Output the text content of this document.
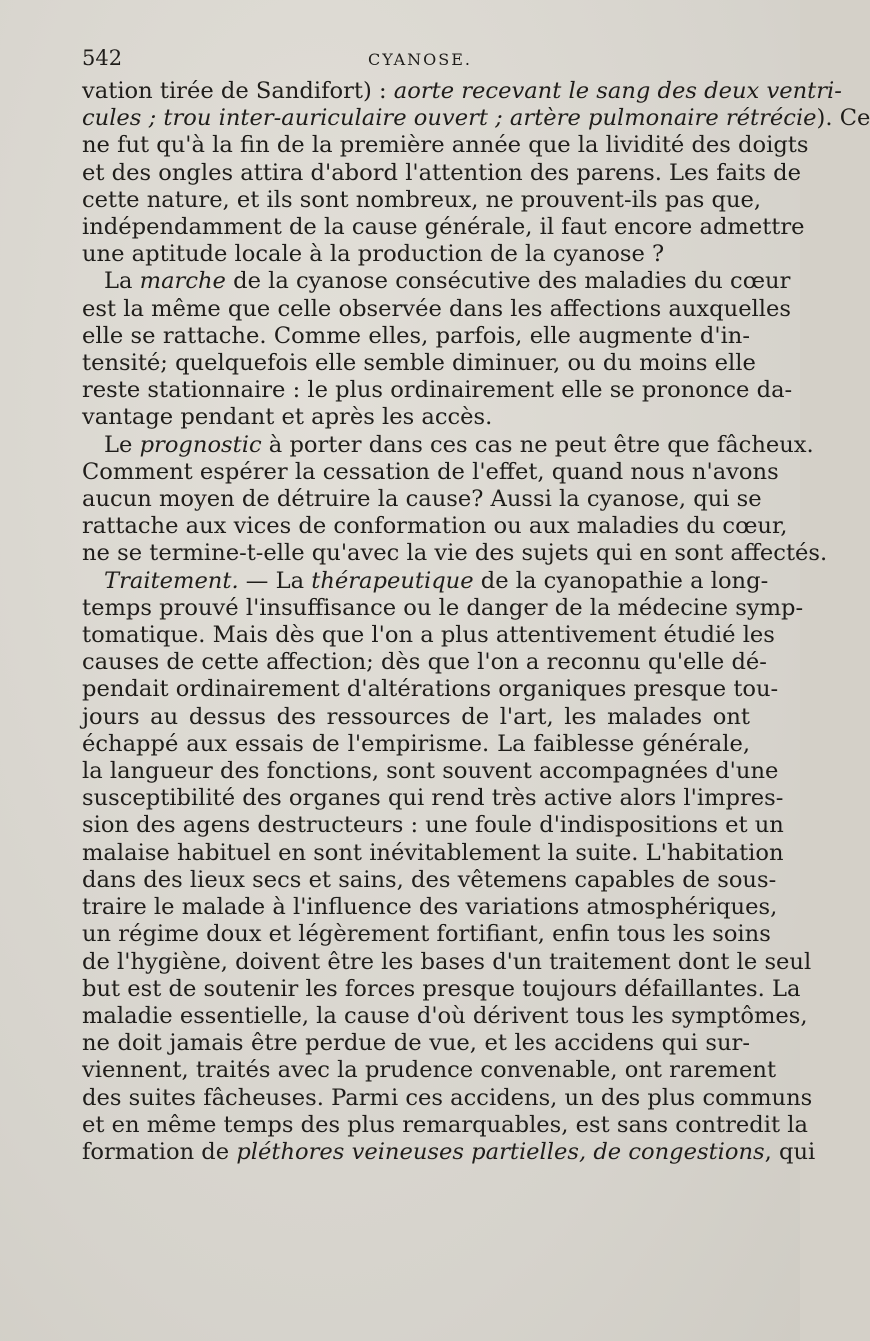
542	CYANOSE.
vation tirée de Sandifort) : aorte recevant le sang des deux ventri-
cules ; trou inter-auriculaire ouvert ; artère pulmonaire rétrécie). Ce
ne fut qu'à la fin de la première année que la lividité des doigts
et des ongles attira d'abord l'attention des parens. Les faits de
cette nature, et ils sont nombreux, ne prouvent-ils pas que,
indépendamment de la cause générale, il faut encore admettre
une aptitude locale à la production de la cyanose ?
La marche de la cyanose consécutive des maladies du cœur
est la même que celle observée dans les affections auxquelles
elle se rattache. Comme elles, parfois, elle augmente d'in-
tensité; quelquefois elle semble diminuer, ou du moins elle
reste stationnaire : le plus ordinairement elle se prononce da-
vantage pendant et après les accès.
Le prognostic à porter dans ces cas ne peut être que fâcheux.
Comment espérer la cessation de l'effet, quand nous n'avons
aucun moyen de détruire la cause? Aussi la cyanose, qui se
rattache aux vices de conformation ou aux maladies du cœur,
ne se termine-t-elle qu'avec la vie des sujets qui en sont affectés.
Traitement. — La thérapeutique de la cyanopathie a long-
temps prouvé l'insuffisance ou le danger de la médecine symp-
tomatique. Mais dès que l'on a plus attentivement étudié les
causes de cette affection; dès que l'on a reconnu qu'elle dé-
pendait ordinairement d'altérations organiques presque tou-
jours au dessus des ressources de l'art, les malades ont
échappé aux essais de l'empirisme. La faiblesse générale,
la langueur des fonctions, sont souvent accompagnées d'une
susceptibilité des organes qui rend très active alors l'impres-
sion des agens destructeurs : une foule d'indispositions et un
malaise habituel en sont inévitablement la suite. L'habitation
dans des lieux secs et sains, des vêtemens capables de sous-
traire le malade à l'influence des variations atmosphériques,
un régime doux et légèrement fortifiant, enfin tous les soins
de l'hygiène, doivent être les bases d'un traitement dont le seul
but est de soutenir les forces presque toujours défaillantes. La
maladie essentielle, la cause d'où dérivent tous les symptômes,
ne doit jamais être perdue de vue, et les accidens qui sur-
viennent, traités avec la prudence convenable, ont rarement
des suites fâcheuses. Parmi ces accidens, un des plus communs
et en même temps des plus remarquables, est sans contredit la
formation de pléthores veineuses partielles, de congestions, qui
